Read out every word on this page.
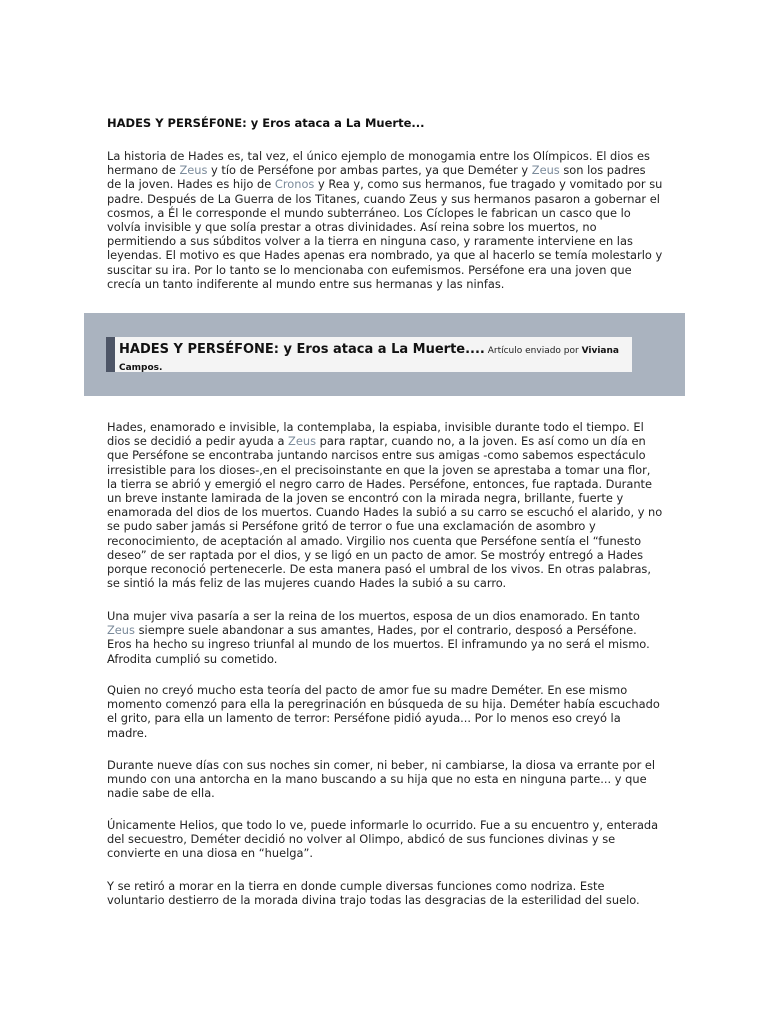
HADES Y PERSÉF0NE: y Eros ataca a La Muerte...

La historia de Hades es, tal vez, el único ejemplo de monogamia entre los Olímpicos. El dios es hermano de Zeus y tío de Perséfone por ambas partes, ya que Deméter y Zeus son los padres de la joven. Hades es hijo de Cronos y Rea y, como sus hermanos, fue tragado y vomitado por su padre. Después de La Guerra de los Titanes, cuando Zeus y sus hermanos pasaron a gobernar el cosmos, a Él le corresponde el mundo subterráneo. Los Cíclopes le fabrican un casco que lo volvía invisible y que solía prestar a otras divinidades. Así reina sobre los muertos, no permitiendo a sus súbditos volver a la tierra en ninguna caso, y raramente interviene en las leyendas. El motivo es que Hades apenas era nombrado, ya que al hacerlo se temía molestarlo y suscitar su ira. Por lo tanto se lo mencionaba con eufemismos. Perséfone era una joven que crecía un tanto indiferente al mundo entre sus hermanas y las ninfas.

HADES Y PERSÉFONE: y Eros ataca a La Muerte.... Artículo enviado por Viviana
Campos.

Hades, enamorado e invisible, la contemplaba, la espiaba, invisible durante todo el tiempo. El dios se decidió a pedir ayuda a Zeus para raptar, cuando no, a la joven. Es así como un día en que Perséfone se encontraba juntando narcisos entre sus amigas -como sabemos espectáculo irresistible para los dioses-,en el precisoinstante en que la joven se aprestaba a tomar una flor, la tierra se abrió y emergió el negro carro de Hades. Perséfone, entonces, fue raptada. Durante un breve instante lamirada de la joven se encontró con la mirada negra, brillante, fuerte y enamorada del dios de los muertos. Cuando Hades la subió a su carro se escuchó el alarido, y no se pudo saber jamás si Perséfone gritó de terror o fue una exclamación de asombro y reconocimiento, de aceptación al amado. Virgilio nos cuenta que Perséfone sentía el “funesto deseo” de ser raptada por el dios, y se ligó en un pacto de amor. Se mostróy entregó a Hades porque reconoció pertenecerle. De esta manera pasó el umbral de los vivos. En otras palabras, se sintió la más feliz de las mujeres cuando Hades la subió a su carro.

Una mujer viva pasaría a ser la reina de los muertos, esposa de un dios enamorado. En tanto Zeus siempre suele abandonar a sus amantes, Hades, por el contrario, desposó a Perséfone. Eros ha hecho su ingreso triunfal al mundo de los muertos. El inframundo ya no será el mismo. Afrodita cumplió su cometido.

Quien no creyó mucho esta teoría del pacto de amor fue su madre Deméter. En ese mismo momento comenzó para ella la peregrinación en búsqueda de su hija. Deméter había escuchado el grito, para ella un lamento de terror: Perséfone pidió ayuda... Por lo menos eso creyó la madre.

Durante nueve días con sus noches sin comer, ni beber, ni cambiarse, la diosa va errante por el mundo con una antorcha en la mano buscando a su hija que no esta en ninguna parte... y que nadie sabe de ella.

Únicamente Helios, que todo lo ve, puede informarle lo ocurrido. Fue a su encuentro y, enterada del secuestro, Deméter decidió no volver al Olimpo, abdicó de sus funciones divinas y se convierte en una diosa en “huelga”.

Y se retiró a morar en la tierra en donde cumple diversas funciones como nodriza. Este voluntario destierro de la morada divina trajo todas las desgracias de la esterilidad del suelo.
